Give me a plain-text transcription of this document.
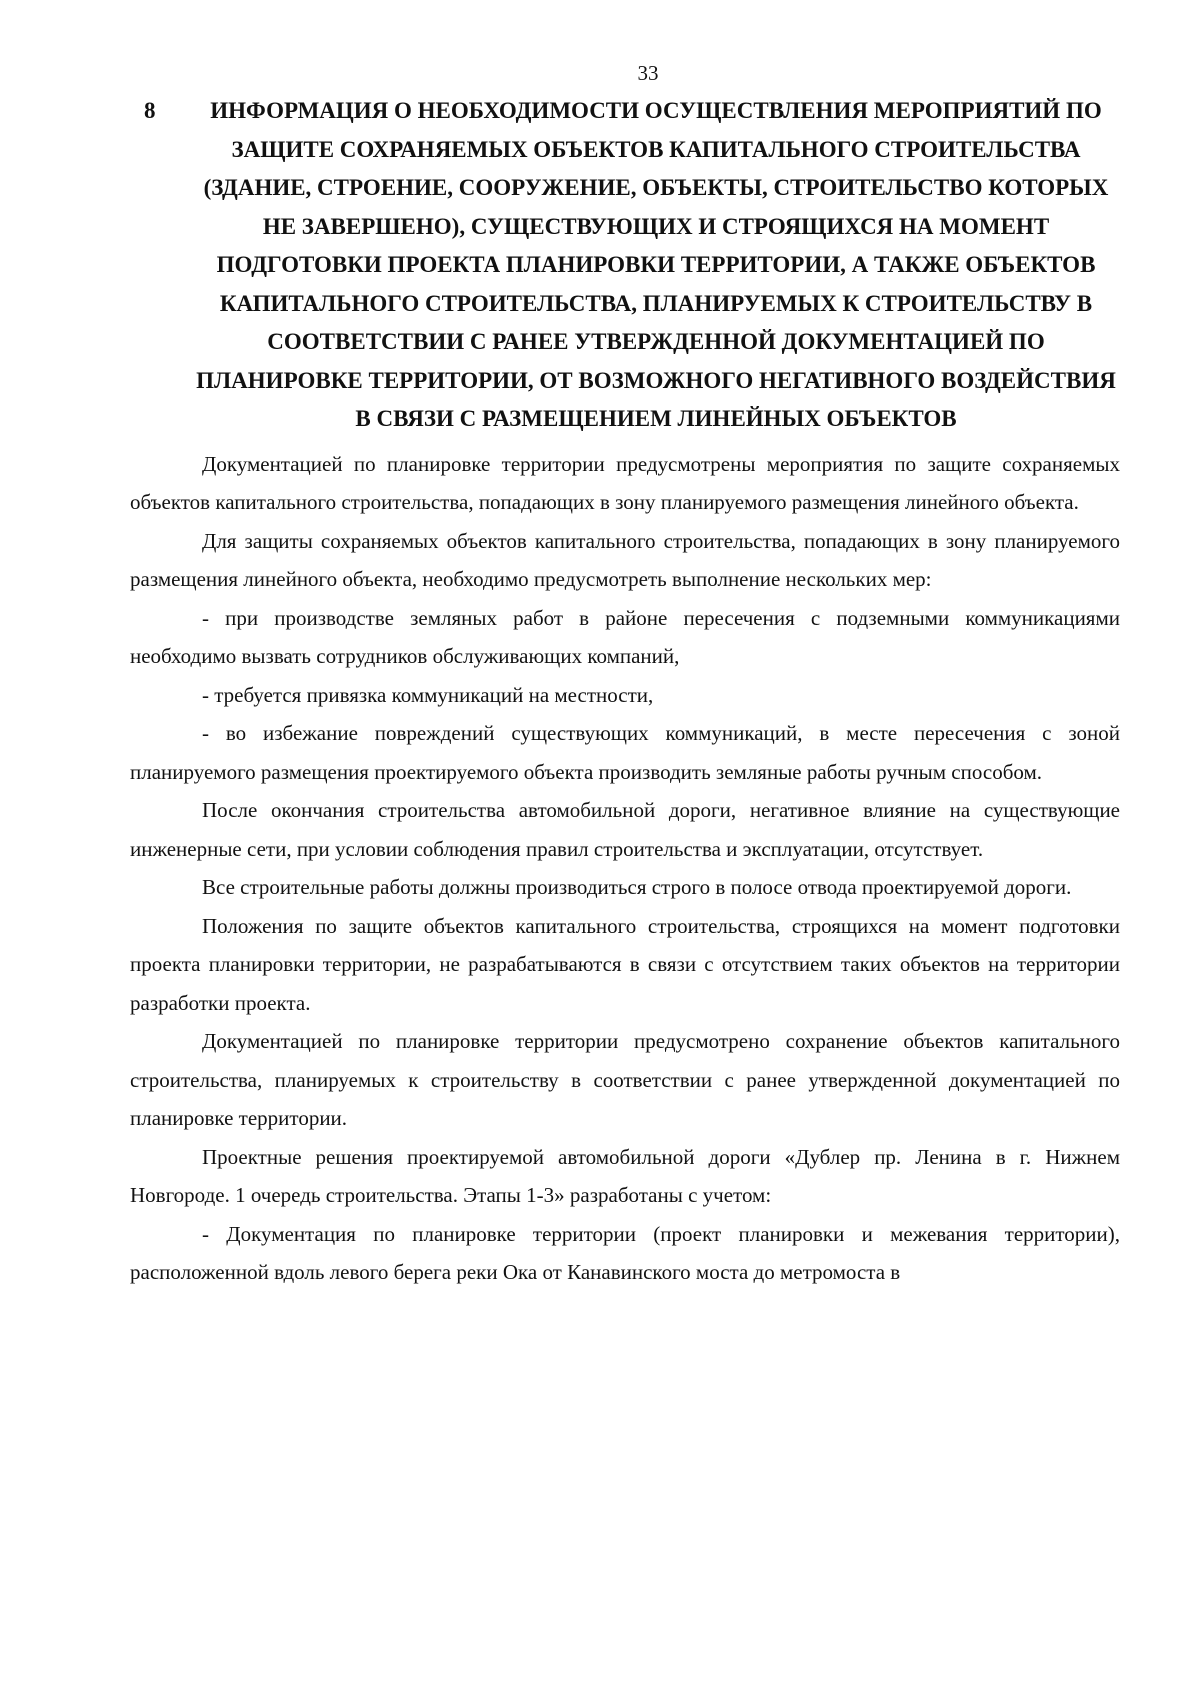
33
8	ИНФОРМАЦИЯ О НЕОБХОДИМОСТИ ОСУЩЕСТВЛЕНИЯ МЕРОПРИЯТИЙ ПО ЗАЩИТЕ СОХРАНЯЕМЫХ ОБЪЕКТОВ КАПИТАЛЬНОГО СТРОИТЕЛЬСТВА (ЗДАНИЕ, СТРОЕНИЕ, СООРУЖЕНИЕ, ОБЪЕКТЫ, СТРОИТЕЛЬСТВО КОТОРЫХ НЕ ЗАВЕРШЕНО), СУЩЕСТВУЮЩИХ И СТРОЯЩИХСЯ НА МОМЕНТ ПОДГОТОВКИ ПРОЕКТА ПЛАНИРОВКИ ТЕРРИТОРИИ, А ТАКЖЕ ОБЪЕКТОВ КАПИТАЛЬНОГО СТРОИТЕЛЬСТВА, ПЛАНИРУЕМЫХ К СТРОИТЕЛЬСТВУ В СООТВЕТСТВИИ С РАНЕЕ УТВЕРЖДЕННОЙ ДОКУМЕНТАЦИЕЙ ПО ПЛАНИРОВКЕ ТЕРРИТОРИИ, ОТ ВОЗМОЖНОГО НЕГАТИВНОГО ВОЗДЕЙСТВИЯ В СВЯЗИ С РАЗМЕЩЕНИЕМ ЛИНЕЙНЫХ ОБЪЕКТОВ

Документацией по планировке территории предусмотрены мероприятия по защите сохраняемых объектов капитального строительства, попадающих в зону планируемого размещения линейного объекта.

Для защиты сохраняемых объектов капитального строительства, попадающих в зону планируемого размещения линейного объекта, необходимо предусмотреть выполнение нескольких мер:

- при производстве земляных работ в районе пересечения с подземными коммуникациями необходимо вызвать сотрудников обслуживающих компаний,

- требуется привязка коммуникаций на местности,

- во избежание повреждений существующих коммуникаций, в месте пересечения с зоной планируемого размещения проектируемого объекта производить земляные работы ручным способом.

После окончания строительства автомобильной дороги, негативное влияние на существующие инженерные сети, при условии соблюдения правил строительства и эксплуатации, отсутствует.

Все строительные работы должны производиться строго в полосе отвода проектируемой дороги.

Положения по защите объектов капитального строительства, строящихся на момент подготовки проекта планировки территории, не разрабатываются в связи с отсутствием таких объектов на территории разработки проекта.

Документацией по планировке территории предусмотрено сохранение объектов капитального строительства, планируемых к строительству в соответствии с ранее утвержденной документацией по планировке территории.

Проектные решения проектируемой автомобильной дороги «Дублер пр. Ленина в г. Нижнем Новгороде. 1 очередь строительства. Этапы 1-3» разработаны с учетом:

- Документация по планировке территории (проект планировки и межевания территории), расположенной вдоль левого берега реки Ока от Канавинского моста до метромоста в
